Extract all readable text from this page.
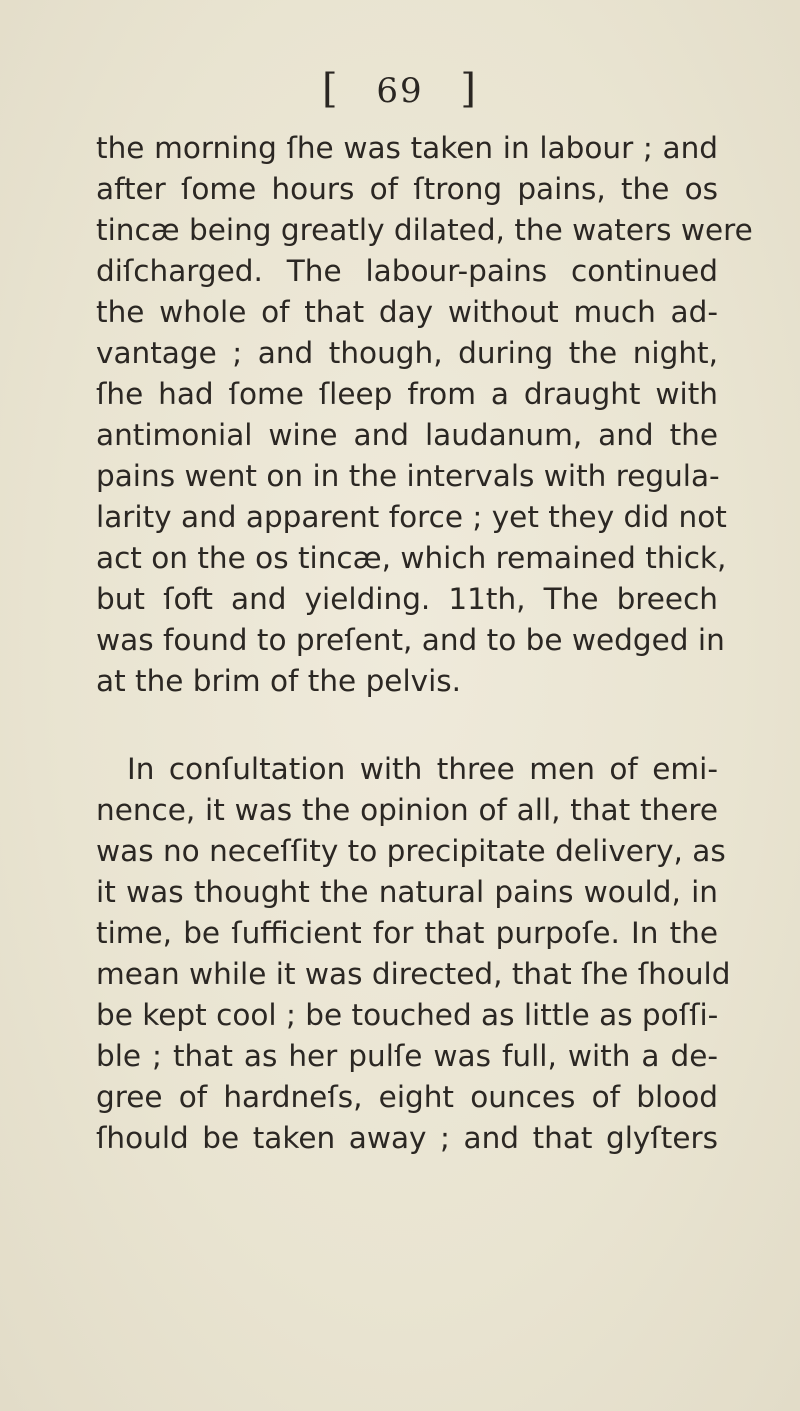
[ 69 ]
the morning ſhe was taken in labour ; and
after ſome hours of ſtrong pains, the os
tincæ being greatly dilated, the waters were
diſcharged. The labour-pains continued
the whole of that day without much ad-
vantage ; and though, during the night,
ſhe had ſome ſleep from a draught with
antimonial wine and laudanum, and the
pains went on in the intervals with regula-
larity and apparent force ; yet they did not
act on the os tincæ, which remained thick,
but ſoft and yielding. 11th, The breech
was found to preſent, and to be wedged in
at the brim of the pelvis.
In conſultation with three men of emi-
nence, it was the opinion of all, that there
was no neceſſity to precipitate delivery, as
it was thought the natural pains would, in
time, be ſufficient for that purpoſe. In the
mean while it was directed, that ſhe ſhould
be kept cool ; be touched as little as poſſi-
ble ; that as her pulſe was full, with a de-
gree of hardneſs, eight ounces of blood
ſhould be taken away ; and that glyſters
